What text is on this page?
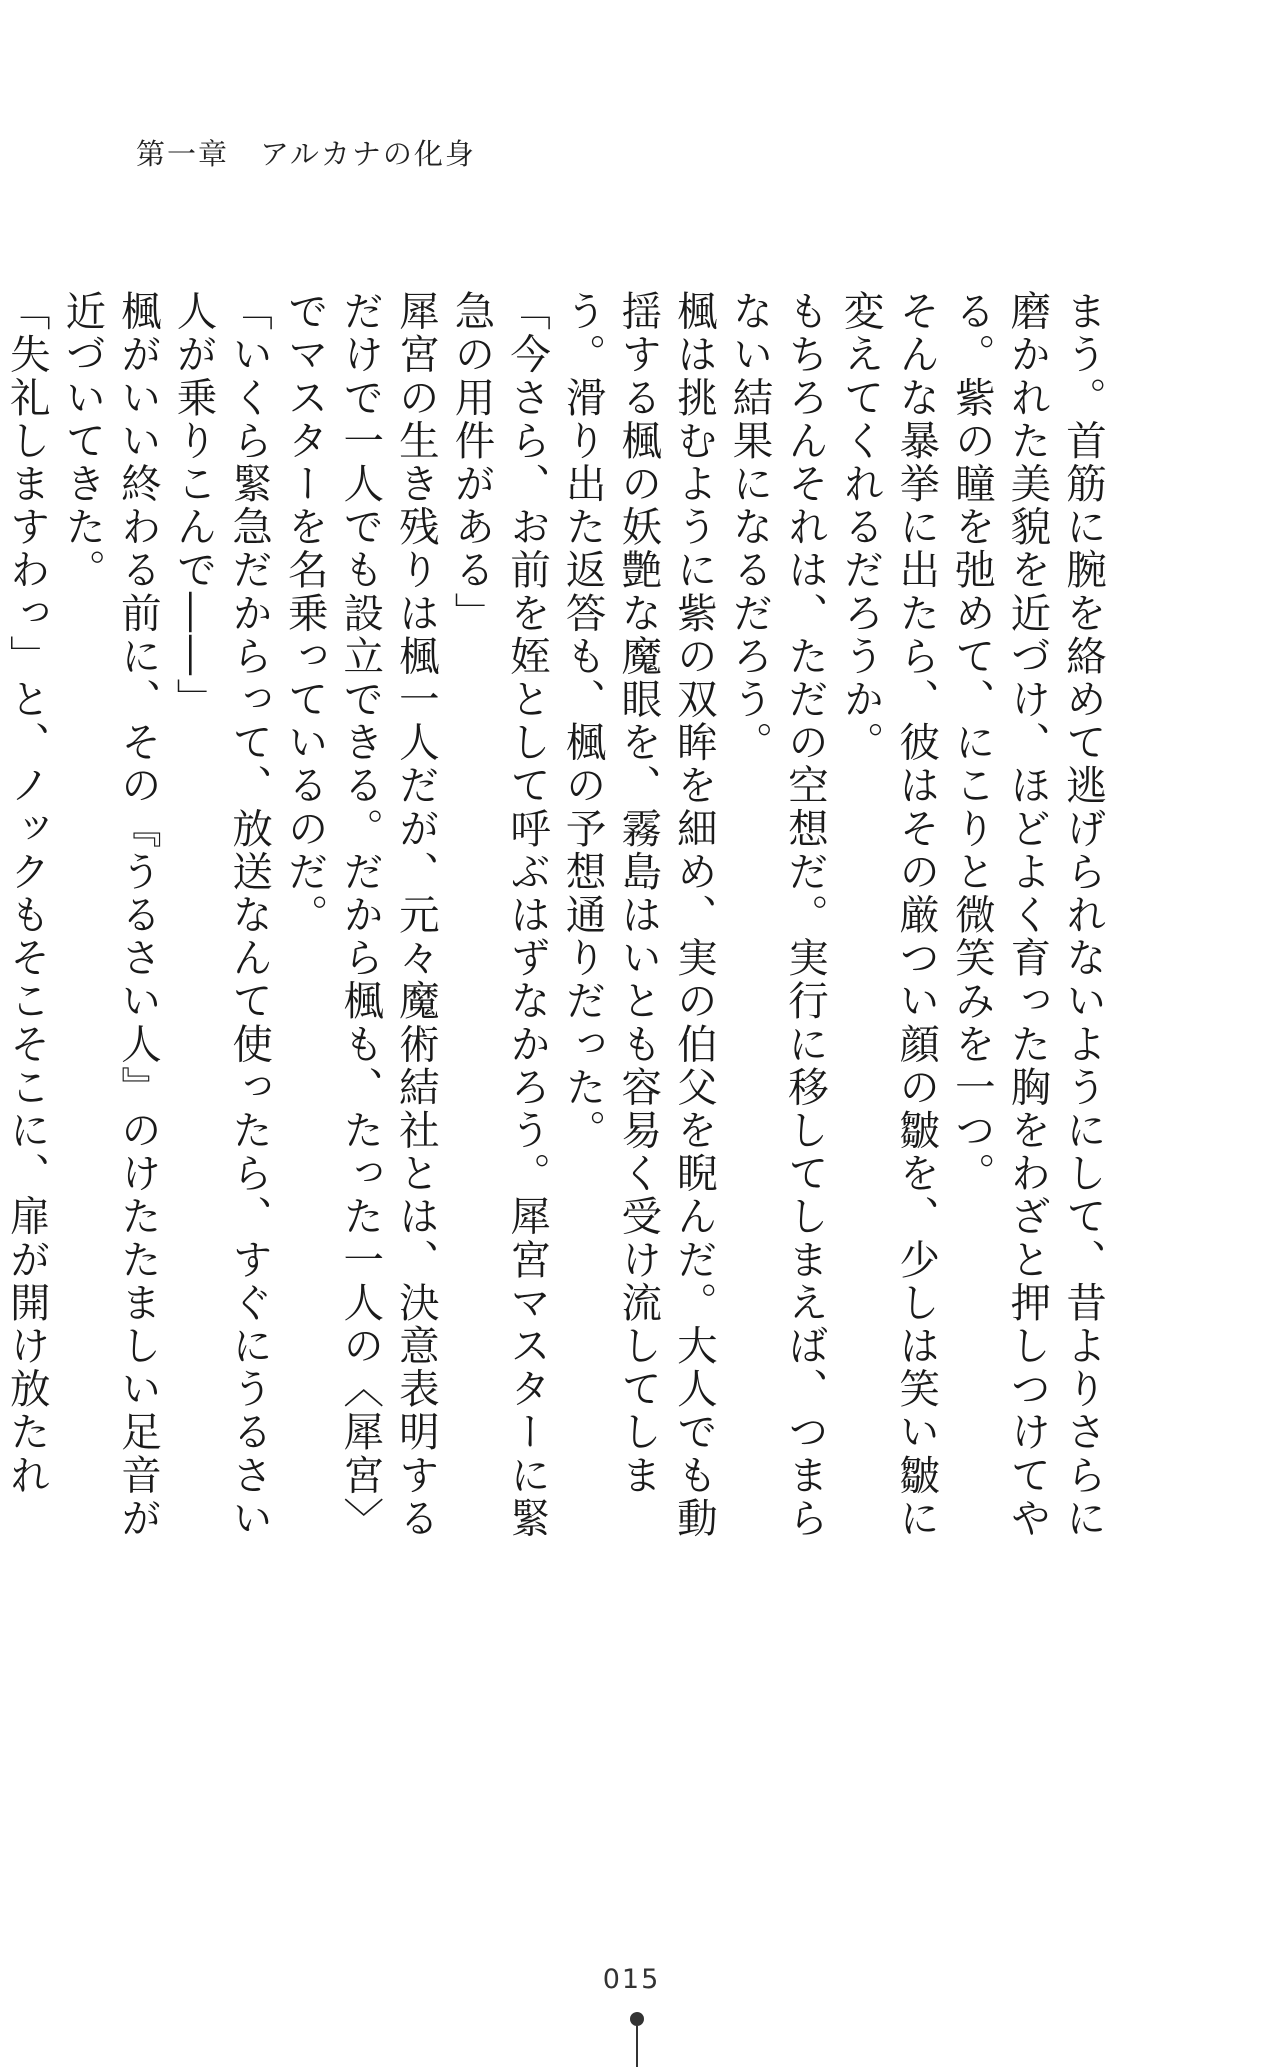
第一章　アルカナの化身

まう。首筋に腕を絡めて逃げられないようにして、昔よりさらに磨かれた美貌を近づけ、ほどよく育った胸をわざと押しつけてやる。紫の瞳を弛めて、にこりと微笑みを一つ。

そんな暴挙に出たら、彼はその厳つい顔の皺を、少しは笑い皺に変えてくれるだろうか。

もちろんそれは、ただの空想だ。実行に移してしまえば、つまらない結果になるだろう。

楓は挑むように紫の双眸を細め、実の伯父を睨んだ。大人でも動揺する楓の妖艶な魔眼を、霧島はいとも容易く受け流してしまう。滑り出た返答も、楓の予想通りだった。

「今さら、お前を姪として呼ぶはずなかろう。犀宮マスターに緊急の用件がある」

犀宮の生き残りは楓一人だが、元々魔術結社とは、決意表明するだけで一人でも設立できる。だから楓も、たった一人の〈犀宮〉でマスターを名乗っているのだ。

「いくら緊急だからって、放送なんて使ったら、すぐにうるさい人が乗りこんで――」

楓がいい終わる前に、その『うるさい人』のけたたましい足音が近づいてきた。

「失礼しますわっ」と、ノックもそこそこに、扉が開け放たれ

015
